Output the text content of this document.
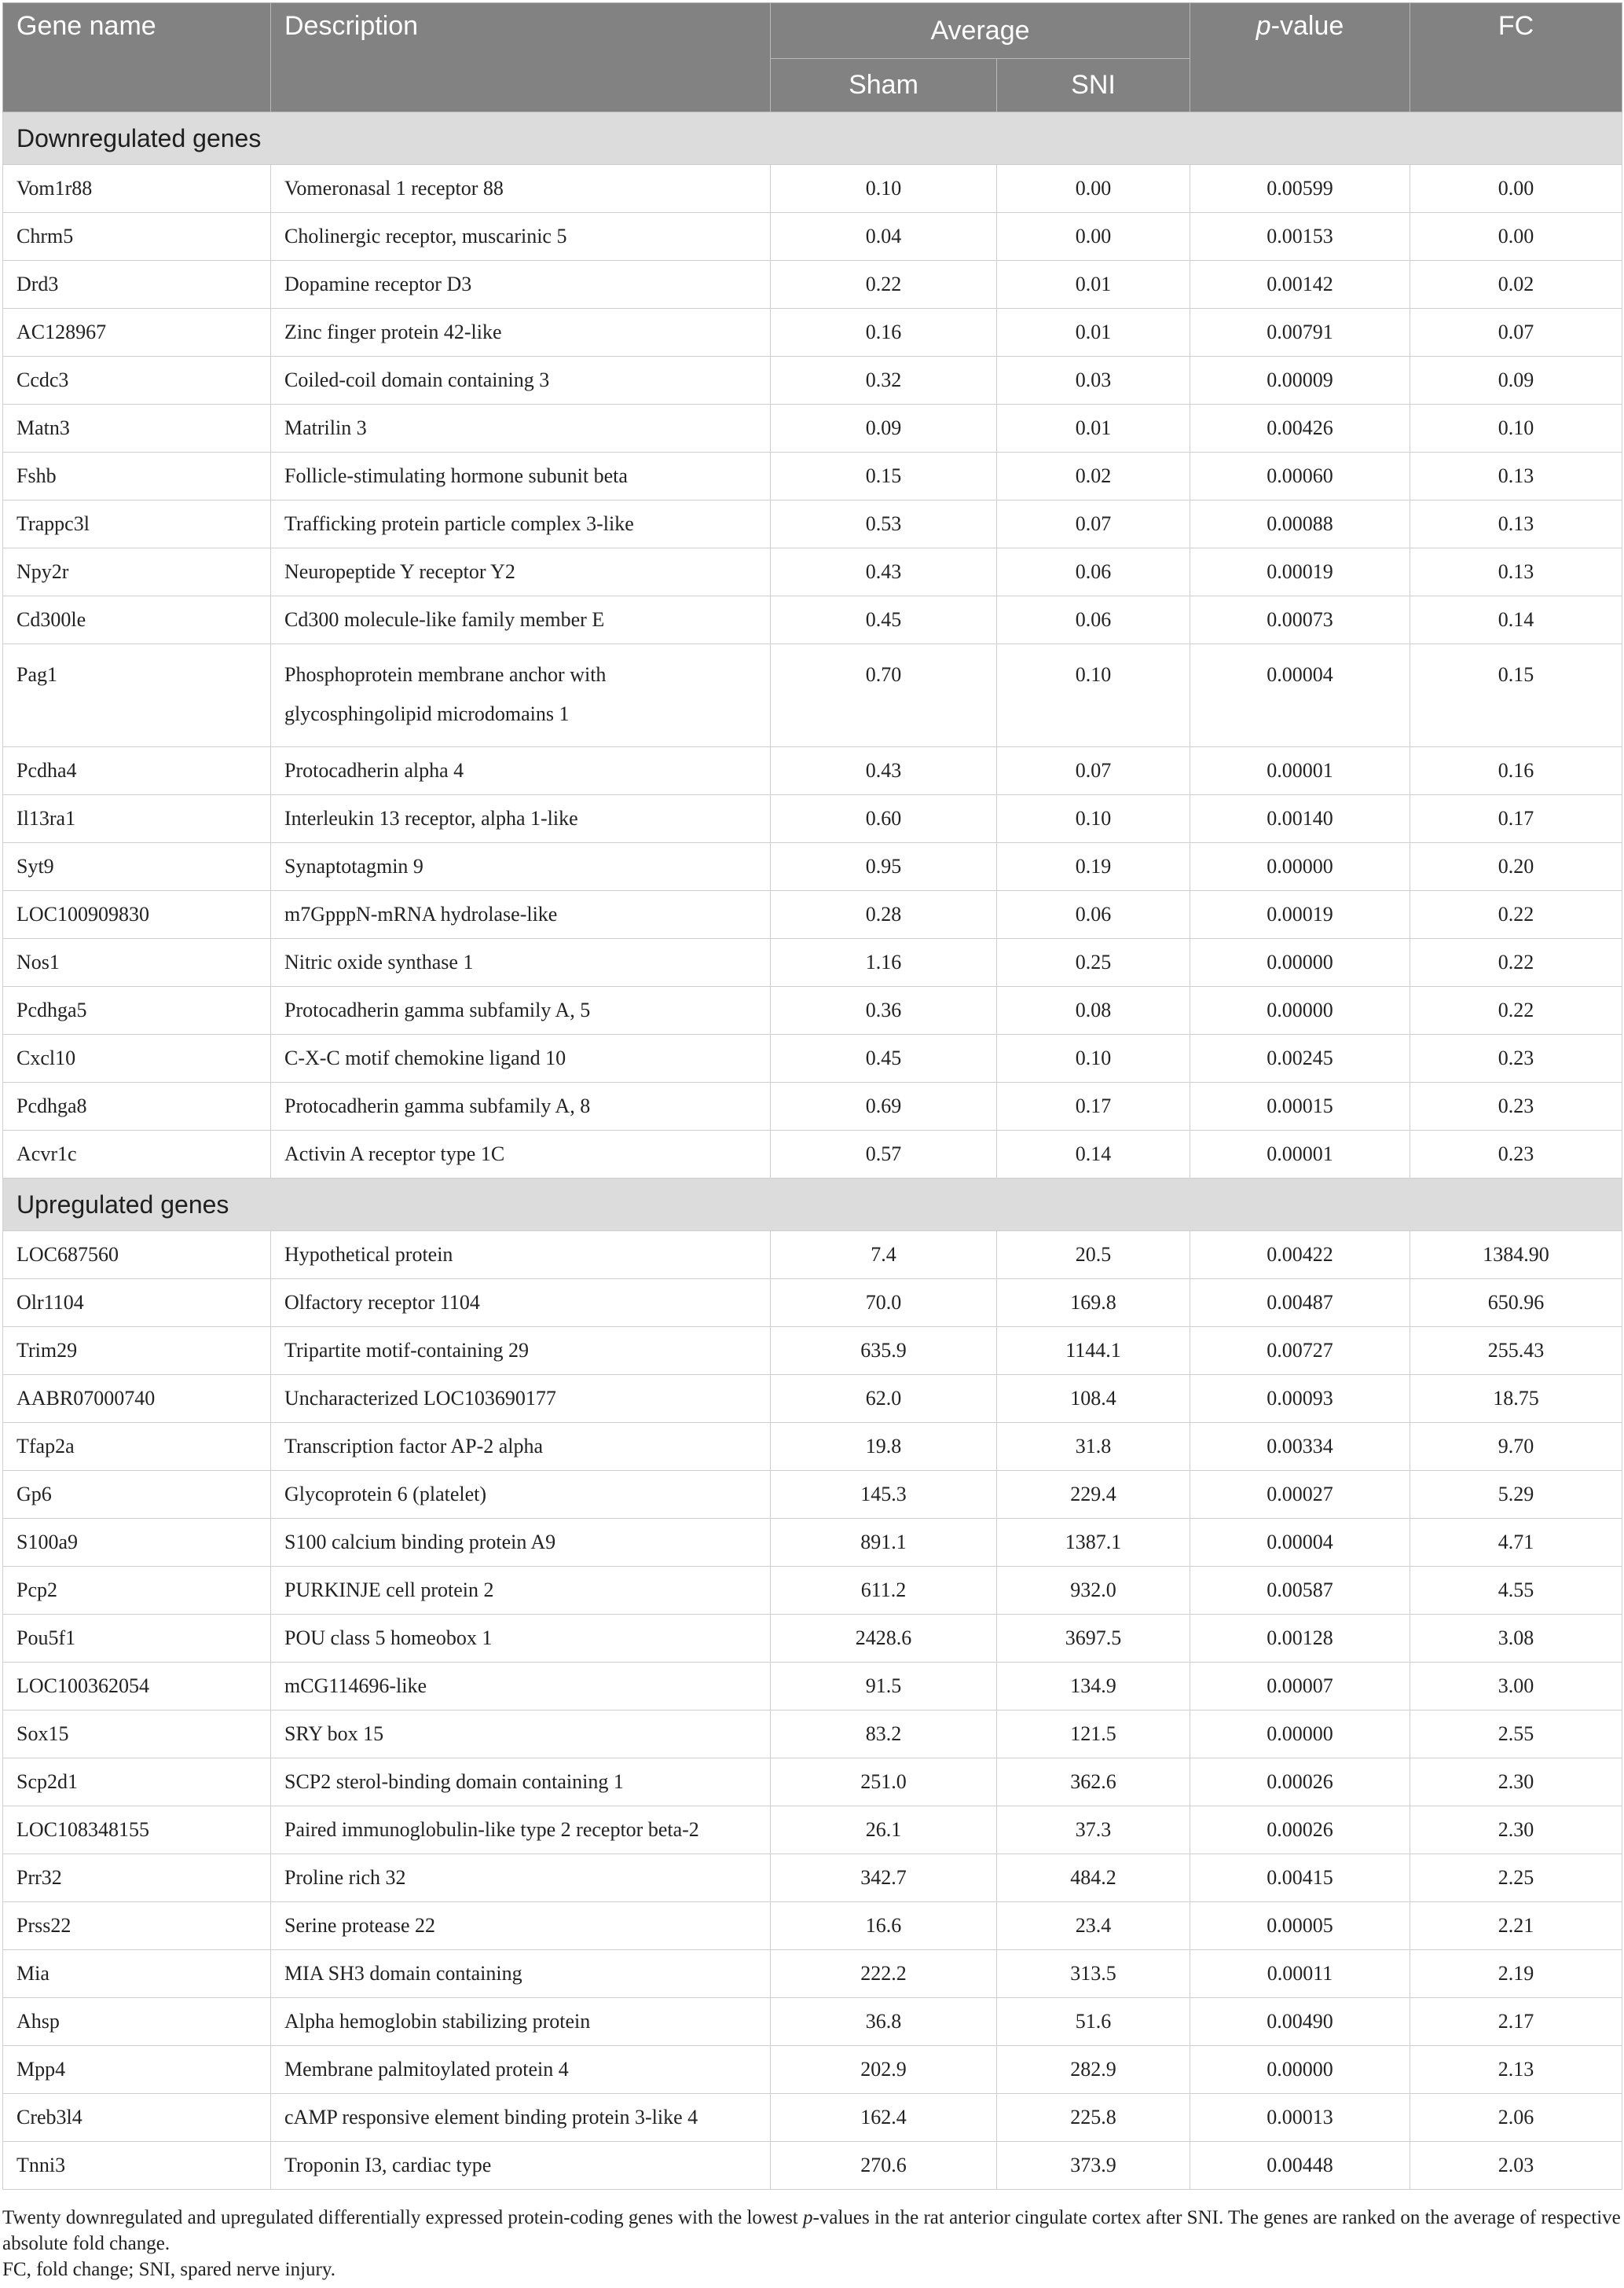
Gene name	Description	Average		p-value	FC
		Sham	SNI		
Downregulated genes					
Vom1r88	Vomeronasal 1 receptor 88	0.10	0.00	0.00599	0.00
Chrm5	Cholinergic receptor, muscarinic 5	0.04	0.00	0.00153	0.00
Drd3	Dopamine receptor D3	0.22	0.01	0.00142	0.02
AC128967	Zinc finger protein 42-like	0.16	0.01	0.00791	0.07
Ccdc3	Coiled-coil domain containing 3	0.32	0.03	0.00009	0.09
Matn3	Matrilin 3	0.09	0.01	0.00426	0.10
Fshb	Follicle-stimulating hormone subunit beta	0.15	0.02	0.00060	0.13
Trappc3l	Trafficking protein particle complex 3-like	0.53	0.07	0.00088	0.13
Npy2r	Neuropeptide Y receptor Y2	0.43	0.06	0.00019	0.13
Cd300le	Cd300 molecule-like family member E	0.45	0.06	0.00073	0.14
Pag1	Phosphoprotein membrane anchor with glycosphingolipid microdomains 1	0.70	0.10	0.00004	0.15
Pcdha4	Protocadherin alpha 4	0.43	0.07	0.00001	0.16
Il13ra1	Interleukin 13 receptor, alpha 1-like	0.60	0.10	0.00140	0.17
Syt9	Synaptotagmin 9	0.95	0.19	0.00000	0.20
LOC100909830	m7GpppN-mRNA hydrolase-like	0.28	0.06	0.00019	0.22
Nos1	Nitric oxide synthase 1	1.16	0.25	0.00000	0.22
Pcdhga5	Protocadherin gamma subfamily A, 5	0.36	0.08	0.00000	0.22
Cxcl10	C-X-C motif chemokine ligand 10	0.45	0.10	0.00245	0.23
Pcdhga8	Protocadherin gamma subfamily A, 8	0.69	0.17	0.00015	0.23
Acvr1c	Activin A receptor type 1C	0.57	0.14	0.00001	0.23
Upregulated genes					
LOC687560	Hypothetical protein	7.4	20.5	0.00422	1384.90
Olr1104	Olfactory receptor 1104	70.0	169.8	0.00487	650.96
Trim29	Tripartite motif-containing 29	635.9	1144.1	0.00727	255.43
AABR07000740	Uncharacterized LOC103690177	62.0	108.4	0.00093	18.75
Tfap2a	Transcription factor AP-2 alpha	19.8	31.8	0.00334	9.70
Gp6	Glycoprotein 6 (platelet)	145.3	229.4	0.00027	5.29
S100a9	S100 calcium binding protein A9	891.1	1387.1	0.00004	4.71
Pcp2	PURKINJE cell protein 2	611.2	932.0	0.00587	4.55
Pou5f1	POU class 5 homeobox 1	2428.6	3697.5	0.00128	3.08
LOC100362054	mCG114696-like	91.5	134.9	0.00007	3.00
Sox15	SRY box 15	83.2	121.5	0.00000	2.55
Scp2d1	SCP2 sterol-binding domain containing 1	251.0	362.6	0.00026	2.30
LOC108348155	Paired immunoglobulin-like type 2 receptor beta-2	26.1	37.3	0.00026	2.30
Prr32	Proline rich 32	342.7	484.2	0.00415	2.25
Prss22	Serine protease 22	16.6	23.4	0.00005	2.21
Mia	MIA SH3 domain containing	222.2	313.5	0.00011	2.19
Ahsp	Alpha hemoglobin stabilizing protein	36.8	51.6	0.00490	2.17
Mpp4	Membrane palmitoylated protein 4	202.9	282.9	0.00000	2.13
Creb3l4	cAMP responsive element binding protein 3-like 4	162.4	225.8	0.00013	2.06
Tnni3	Troponin I3, cardiac type	270.6	373.9	0.00448	2.03

Twenty downregulated and upregulated differentially expressed protein-coding genes with the lowest p-values in the rat anterior cingulate cortex after SNI. The genes are ranked on the average of respective absolute fold change.

FC, fold change; SNI, spared nerve injury.
